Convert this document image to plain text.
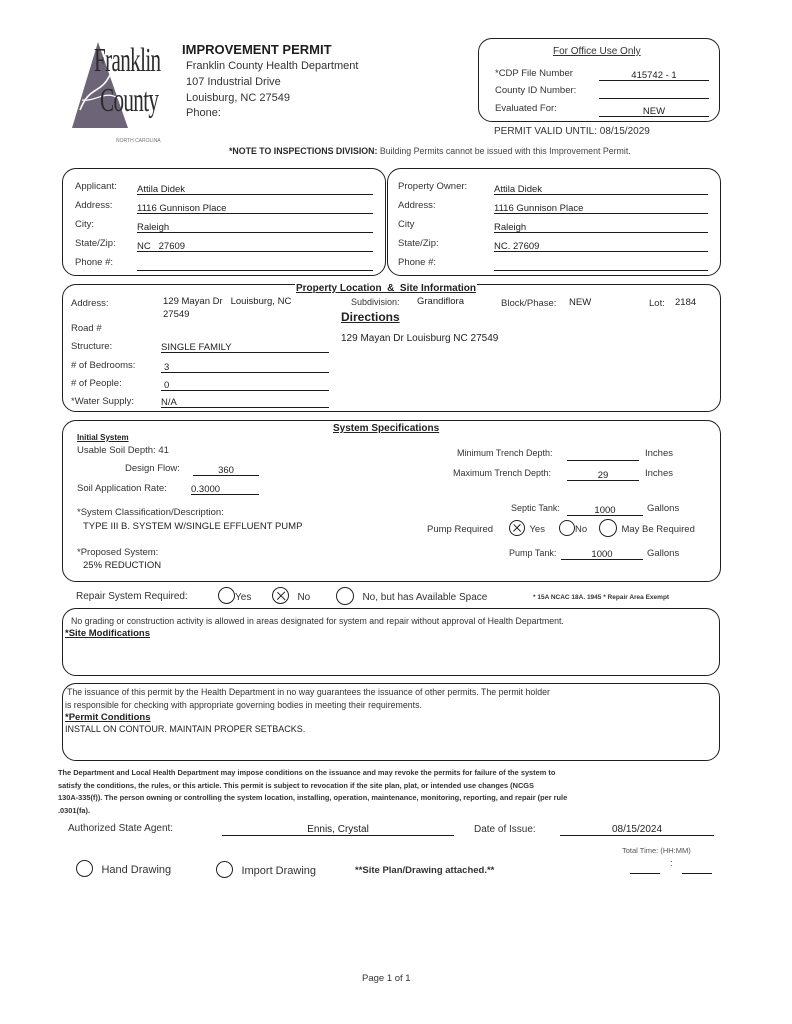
Franklin
County
NORTH CAROLINA
IMPROVEMENT PERMIT
Franklin County Health Department
107 Industrial Drive
Louisburg, NC 27549
Phone:
For Office Use Only
*CDP File Number	415742 - 1
County ID Number:
Evaluated For:	NEW
PERMIT VALID UNTIL: 08/15/2029
*NOTE TO INSPECTIONS DIVISION: Building Permits cannot be issued with this Improvement Permit.
Applicant: Attila Didek
Address:	1116 Gunnison Place
City:	Raleigh
State/Zip: NC   27609
Phone #:
Property Owner:	Attila Didek
Address:	1116 Gunnison Place
City	Raleigh
State/Zip:	NC. 27609
Phone #:
Property Location  &  Site Information
Address:	129 Mayan Dr   Louisburg, NC
27549
Subdivision: Grandiflora	Block/Phase: NEW	Lot: 2184
Directions
129 Mayan Dr Louisburg NC 27549
Road #
Structure:	SINGLE FAMILY
# of Bedrooms:	3
# of People:	0
*Water Supply:	N/A
System Specifications
Initial System
Usable Soil Depth: 41
Design Flow:	360
Soil Application Rate:	0.3000
Minimum Trench Depth:	Inches
Maximum Trench Depth:	29	Inches
*System Classification/Description:
TYPE III B. SYSTEM W/SINGLE EFFLUENT PUMP
Septic Tank:	1000	Gallons
Pump Required	Yes	No	May Be Required
*Proposed System:
25% REDUCTION
Pump Tank:	1000	Gallons
Repair System Required:	Yes	No	No, but has Available Space	* 15A NCAC 18A. 1945 * Repair Area Exempt
No grading or construction activity is allowed in areas designated for system and repair without approval of Health Department.
*Site Modifications
The issuance of this permit by the Health Department in no way guarantees the issuance of other permits. The permit holder
is responsible for checking with appropriate governing bodies in meeting their requirements.
*Permit Conditions
INSTALL ON CONTOUR. MAINTAIN PROPER SETBACKS.
The Department and Local Health Department may impose conditions on the issuance and may revoke the permits for failure of the system to
satisfy the conditions, the rules, or this article. This permit is subject to revocation if the site plan, plat, or intended use changes (NCGS
130A-335(f)). The person owning or controlling the system location, installing, operation, maintenance, monitoring, reporting, and repair (per rule
.0301(fa).
Authorized State Agent:	Ennis, Crystal	Date of Issue:	08/15/2024
Total Time: (HH:MM)
:
Hand Drawing	Import Drawing	**Site Plan/Drawing attached.**
Page 1 of 1
